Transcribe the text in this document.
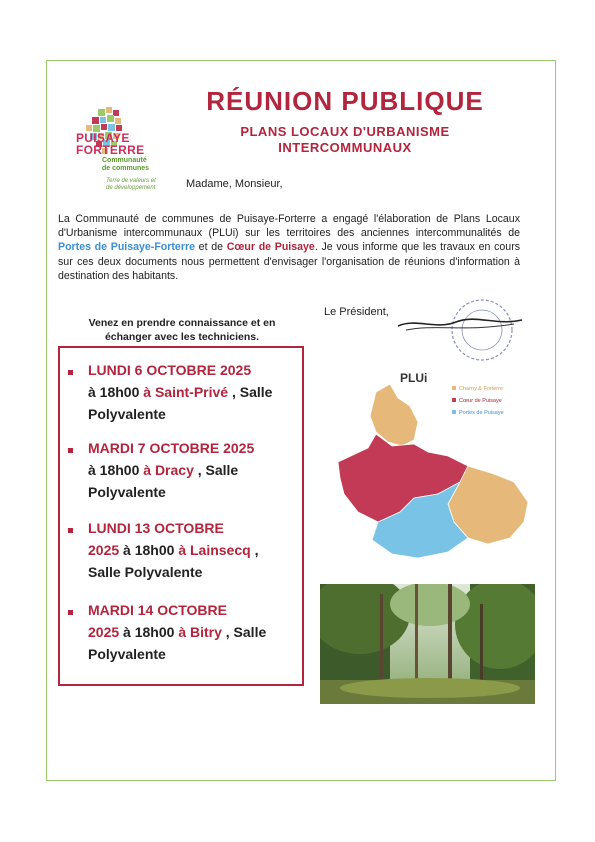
PUISAYE
FORTERRE
Communauté
de communes
Terre de valeurs et
de développement
RÉUNION PUBLIQUE
PLANS LOCAUX D'URBANISME
INTERCOMMUNAUX
Madame, Monsieur,
La Communauté de communes de Puisaye-Forterre a engagé l'élaboration de Plans Locaux d'Urbanisme intercommunaux (PLUi) sur les territoires des anciennes intercommunalités de Portes de Puisaye-Forterre et de Cœur de Puisaye. Je vous informe que les travaux en cours sur ces deux documents nous permettent d'envisager l'organisation de réunions d'information à destination des habitants.
Venez en prendre connaissance et en
échanger avec les techniciens.
Le Président,
LUNDI 6 OCTOBRE 2025
à 18h00 à Saint-Privé , Salle
Polyvalente
MARDI 7 OCTOBRE 2025
à 18h00 à Dracy , Salle
Polyvalente
LUNDI 13 OCTOBRE
2025 à 18h00 à Lainsecq ,
Salle Polyvalente
MARDI 14 OCTOBRE
2025 à 18h00 à Bitry , Salle
Polyvalente
PLUi
Charny & Forterre
Cœur de Puisaye
Portes de Puisaye
